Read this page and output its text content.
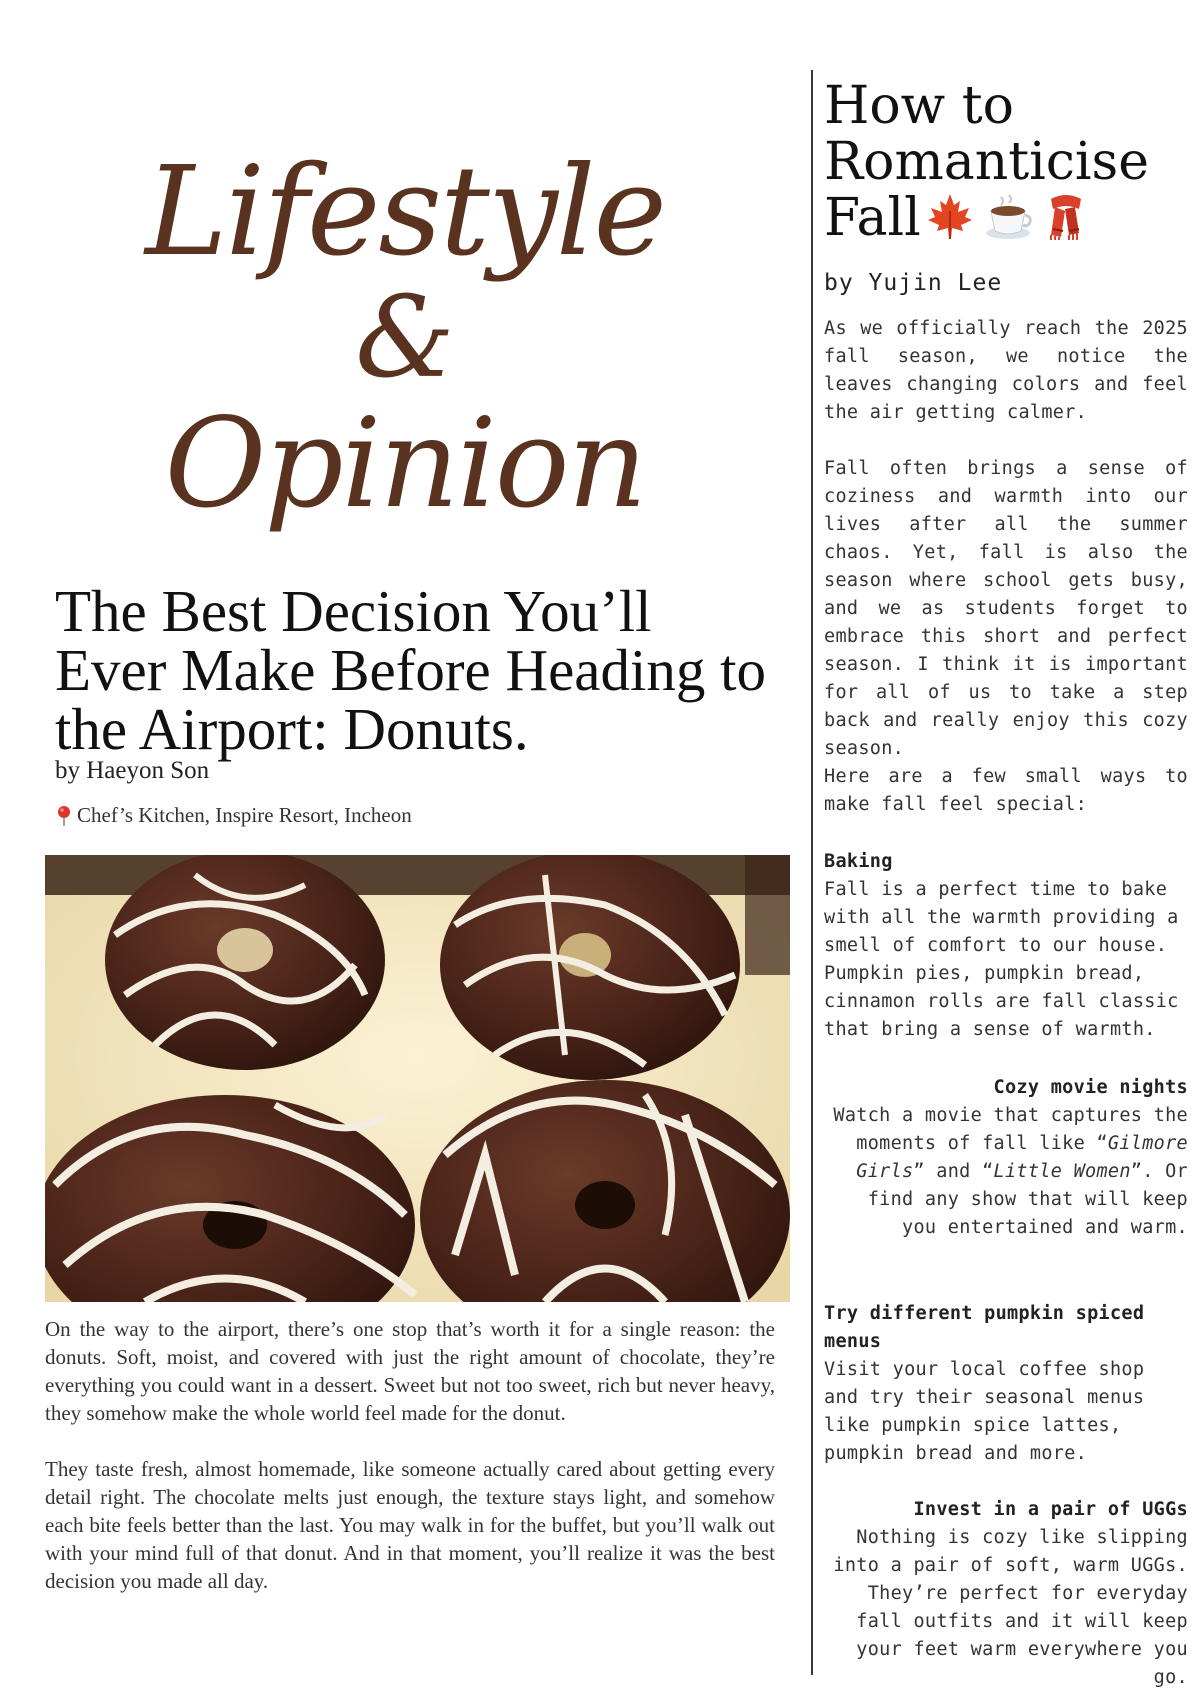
Lifestyle
&
Opinion
The Best Decision You’ll Ever Make Before Heading to the Airport: Donuts.
by Haeyon Son
Chef’s Kitchen, Inspire Resort, Incheon

On the way to the airport, there’s one stop that’s worth it for a single reason: the donuts. Soft, moist, and covered with just the right amount of chocolate, they’re everything you could want in a dessert. Sweet but not too sweet, rich but never heavy, they somehow make the whole world feel made for the donut.

They taste fresh, almost homemade, like someone actually cared about getting every detail right. The chocolate melts just enough, the texture stays light, and somehow each bite feels better than the last. You may walk in for the buffet, but you’ll walk out with your mind full of that donut. And in that moment, you’ll realize it was the best decision you made all day.

How to
Romanticise
Fall
by Yujin Lee

As we officially reach the 2025 fall season, we notice the leaves changing colors and feel the air getting calmer.

Fall often brings a sense of coziness and warmth into our lives after all the summer chaos. Yet, fall is also the season where school gets busy, and we as students forget to embrace this short and perfect season. I think it is important for all of us to take a step back and really enjoy this cozy season.

Here are a few small ways to make fall feel special:

Baking

Fall is a perfect time to bake with all the warmth providing a smell of comfort to our house. Pumpkin pies, pumpkin bread, cinnamon rolls are fall classic that bring a sense of warmth.

Cozy movie nights

Watch a movie that captures the moments of fall like “Gilmore Girls” and “Little Women”. Or find any show that will keep you entertained and warm.

Try different pumpkin spiced menus

Visit your local coffee shop and try their seasonal menus like pumpkin spice lattes, pumpkin bread and more.

Invest in a pair of UGGs

Nothing is cozy like slipping into a pair of soft, warm UGGs. They’re perfect for everyday fall outfits and it will keep your feet warm everywhere you go.
